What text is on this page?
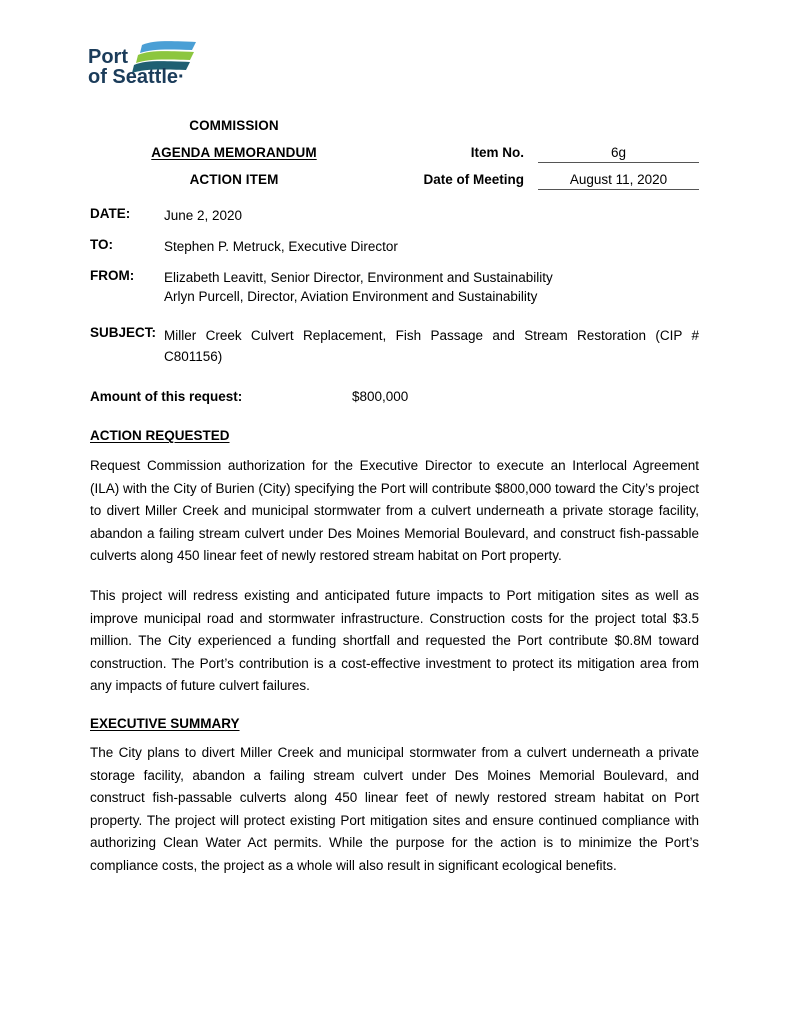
Port
of Seattle·
COMMISSION
AGENDA MEMORANDUM	Item No.	6g
ACTION ITEM	Date of Meeting	August 11, 2020
DATE:	June 2, 2020
TO:	Stephen P. Metruck, Executive Director
FROM:	Elizabeth Leavitt, Senior Director, Environment and Sustainability
Arlyn Purcell, Director, Aviation Environment and Sustainability
SUBJECT: Miller Creek Culvert Replacement, Fish Passage and Stream Restoration (CIP # C801156)
Amount of this request:	$800,000
ACTION REQUESTED
Request Commission authorization for the Executive Director to execute an Interlocal Agreement (ILA) with the City of Burien (City) specifying the Port will contribute $800,000 toward the City’s project to divert Miller Creek and municipal stormwater from a culvert underneath a private storage facility, abandon a failing stream culvert under Des Moines Memorial Boulevard, and construct fish-passable culverts along 450 linear feet of newly restored stream habitat on Port property.
This project will redress existing and anticipated future impacts to Port mitigation sites as well as improve municipal road and stormwater infrastructure. Construction costs for the project total $3.5 million. The City experienced a funding shortfall and requested the Port contribute $0.8M toward construction. The Port’s contribution is a cost-effective investment to protect its mitigation area from any impacts of future culvert failures.
EXECUTIVE SUMMARY
The City plans to divert Miller Creek and municipal stormwater from a culvert underneath a private storage facility, abandon a failing stream culvert under Des Moines Memorial Boulevard, and construct fish-passable culverts along 450 linear feet of newly restored stream habitat on Port property. The project will protect existing Port mitigation sites and ensure continued compliance with authorizing Clean Water Act permits. While the purpose for the action is to minimize the Port’s compliance costs, the project as a whole will also result in significant ecological benefits.
